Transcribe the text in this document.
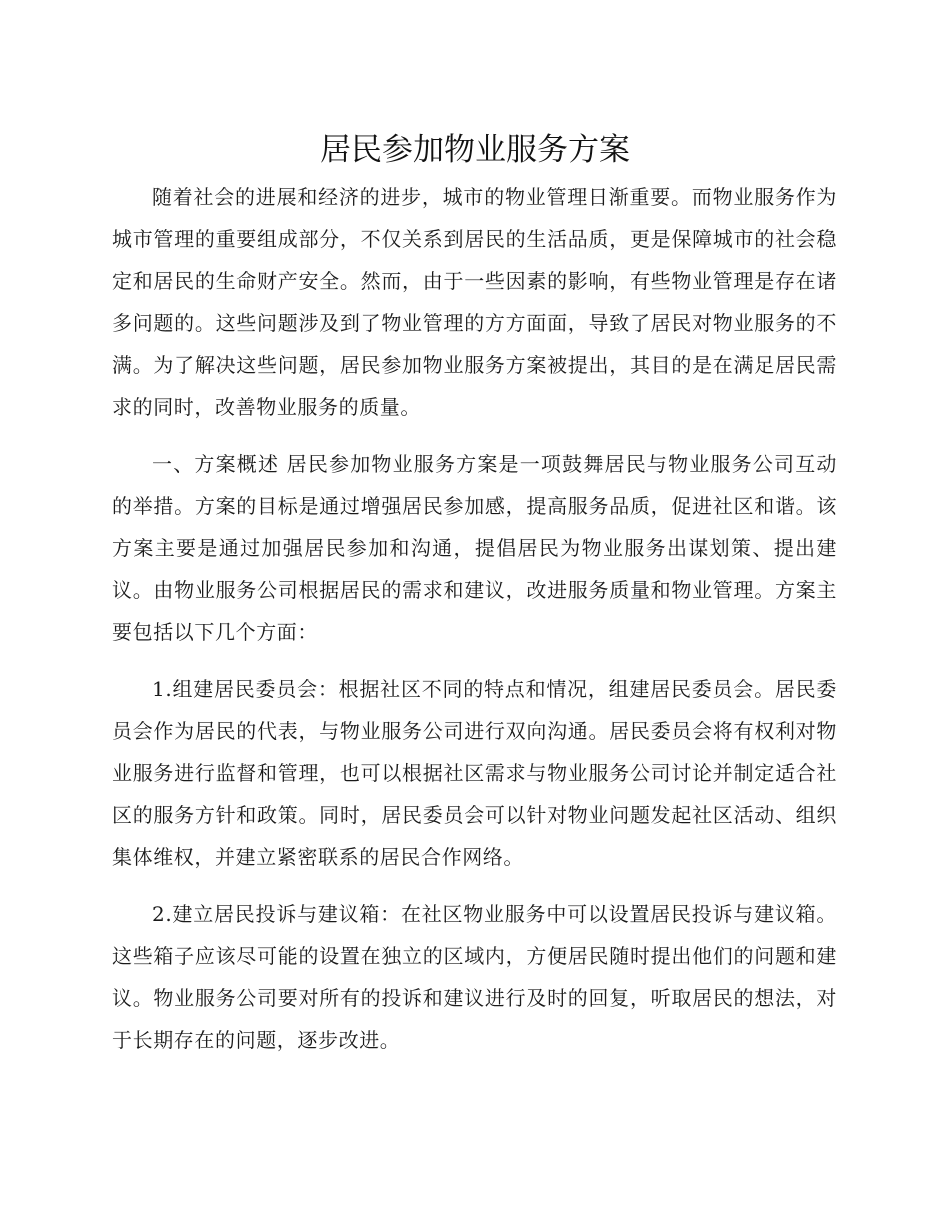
居民参加物业服务方案

随着社会的进展和经济的进步，城市的物业管理日渐重要。而物业服务作为城市管理的重要组成部分，不仅关系到居民的生活品质，更是保障城市的社会稳定和居民的生命财产安全。然而，由于一些因素的影响，有些物业管理是存在诸多问题的。这些问题涉及到了物业管理的方方面面，导致了居民对物业服务的不满。为了解决这些问题，居民参加物业服务方案被提出，其目的是在满足居民需求的同时，改善物业服务的质量。

一、方案概述 居民参加物业服务方案是一项鼓舞居民与物业服务公司互动的举措。方案的目标是通过增强居民参加感，提高服务品质，促进社区和谐。该方案主要是通过加强居民参加和沟通，提倡居民为物业服务出谋划策、提出建议。由物业服务公司根据居民的需求和建议，改进服务质量和物业管理。方案主要包括以下几个方面：

1.组建居民委员会：根据社区不同的特点和情况，组建居民委员会。居民委员会作为居民的代表，与物业服务公司进行双向沟通。居民委员会将有权利对物业服务进行监督和管理，也可以根据社区需求与物业服务公司讨论并制定适合社区的服务方针和政策。同时，居民委员会可以针对物业问题发起社区活动、组织集体维权，并建立紧密联系的居民合作网络。

2.建立居民投诉与建议箱：在社区物业服务中可以设置居民投诉与建议箱。这些箱子应该尽可能的设置在独立的区域内，方便居民随时提出他们的问题和建议。物业服务公司要对所有的投诉和建议进行及时的回复，听取居民的想法，对于长期存在的问题，逐步改进。
